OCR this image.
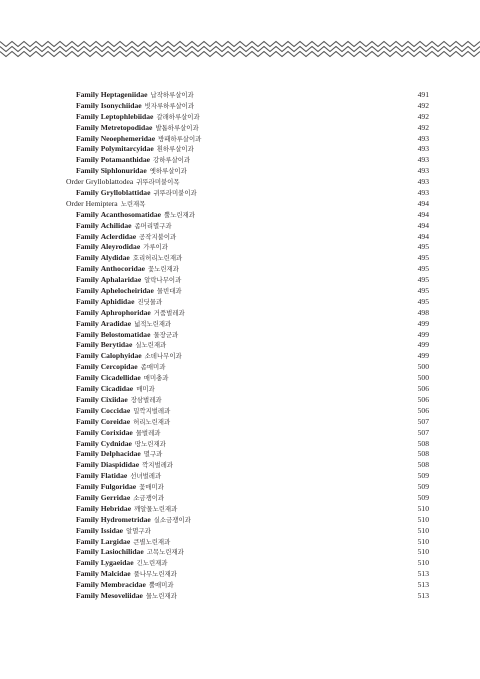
Family Heptageniidae 납작하루살이과	491
Family Isonychiidae 빗자루하루살이과	492
Family Leptophlebiidae 갈래하루살이과	492
Family Metretopodidae 발톱하루살이과	492
Family Neoephemeridae 방패하루살이과	493
Family Polymitarcyidae 흰하루살이과	493
Family Potamanthidae 강하루살이과	493
Family Siphlonuridae 옛하루살이과	493
Order Grylloblattodea 귀뚜라미붙이목	493
Family Grylloblattidae 귀뚜라미붙이과	493
Order Hemiptera 노린재목	494
Family Acanthosomatidae 뿔노린재과	494
Family Achilidae 좀머리멸구과	494
Family Aclerdidae 공작지불이과	494
Family Aleyrodidae 가루이과	495
Family Alydidae 호리허리노린재과	495
Family Anthocoridae 꽃노린재과	495
Family Aphalaridae 알락나무이과	495
Family Aphelocheiridae 물빈대과	495
Family Aphididae 진딧물과	495
Family Aphrophoridae 거품벌레과	498
Family Aradidae 넓적노린재과	499
Family Belostomatidae 물장군과	499
Family Berytidae 실노린재과	499
Family Calophyidae 소데나무이과	499
Family Cercopidae 좀매미과	500
Family Cicadellidae 매미충과	500
Family Cicadidae 매미과	506
Family Cixiidae 장삼벌레과	506
Family Coccidae 밀깍지벌레과	506
Family Coreidae 허리노린재과	507
Family Corixidae 물벌레과	507
Family Cydnidae 땅노린재과	508
Family Delphacidae 멸구과	508
Family Diaspididae 깍지벌레과	508
Family Flatidae 선녀벌레과	509
Family Fulgoridae 꽃매미과	509
Family Gerridae 소금쟁이과	509
Family Hebridae 깨알물노린재과	510
Family Hydrometridae 실소금쟁이과	510
Family Issidae 알멸구과	510
Family Largidae 큰별노린재과	510
Family Lasiochilidae 고목노린재과	510
Family Lygaeidae 긴노린재과	510
Family Malcidae 풀나무노린재과	513
Family Membracidae 뿔매미과	513
Family Mesoveliidae 물노린재과	513
